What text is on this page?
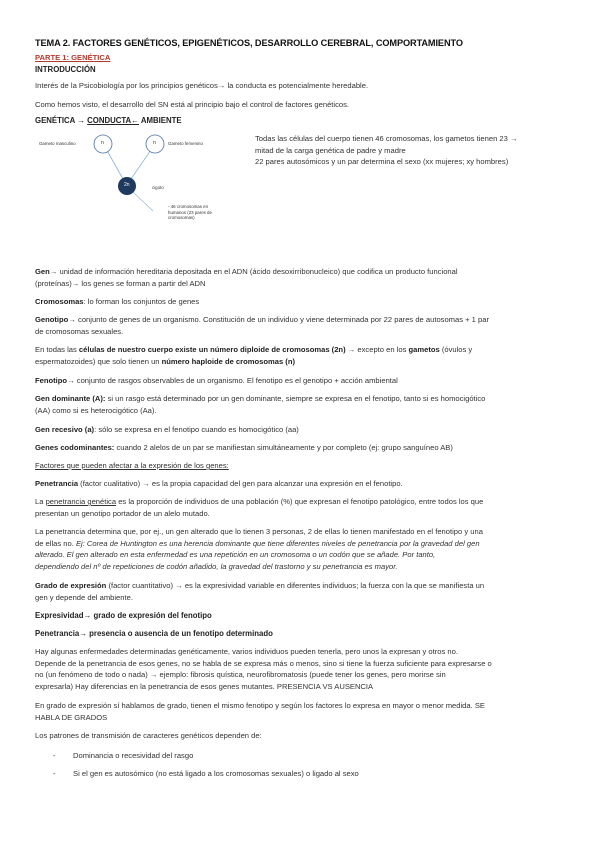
TEMA 2. FACTORES GENÉTICOS, EPIGENÉTICOS, DESARROLLO CEREBRAL, COMPORTAMIENTO
PARTE 1: GENÉTICA
INTRODUCCIÓN
Interés de la Psicobiología por los principios genéticos→ la conducta es potencialmente heredable.
Como hemos visto, el desarrollo del SN está al principio bajo el control de factores genéticos.
GENÉTICA → CONDUCTA← AMBIENTE
Gameto masculino	n	n	Gameto femenino
2n	cigoto
- 46 cromosomas en
humanos (23 pares de
cromosomas)
Todas las células del cuerpo tienen 46 cromosomas, los gametos tienen 23 →
mitad de la carga genética de padre y madre
22 pares autosómicos y un par determina el sexo (xx mujeres; xy hombres)
Gen→ unidad de información hereditaria depositada en el ADN (ácido desoxirribonucleico) que codifica un producto funcional
(proteínas)→ los genes se forman a partir del ADN
Cromosomas: lo forman los conjuntos de genes
Genotipo→ conjunto de genes de un organismo. Constitución de un individuo y viene determinada por 22 pares de autosomas + 1 par
de cromosomas sexuales.
En todas las células de nuestro cuerpo existe un número diploide de cromosomas (2n) → excepto en los gametos (óvulos y
espermatozoides) que solo tienen un número haploide de cromosomas (n)
Fenotipo→ conjunto de rasgos observables de un organismo. El fenotipo es el genotipo + acción ambiental
Gen dominante (A): si un rasgo está determinado por un gen dominante, siempre se expresa en el fenotipo, tanto si es homocigótico
(AA) como si es heterocigótico (Aa).
Gen recesivo (a): sólo se expresa en el fenotipo cuando es homocigótico (aa)
Genes codominantes: cuando 2 alelos de un par se manifiestan simultáneamente y por completo (ej: grupo sanguíneo AB)
Factores que pueden afectar a la expresión de los genes:
Penetrancia (factor cualitativo) → es la propia capacidad del gen para alcanzar una expresión en el fenotipo.
La penetrancia genética es la proporción de individuos de una población (%) que expresan el fenotipo patológico, entre todos los que
presentan un genotipo portador de un alelo mutado.
La penetrancia determina que, por ej., un gen alterado que lo tienen 3 personas, 2 de ellas lo tienen manifestado en el fenotipo y una
de ellas no. Ej: Corea de Huntington es una herencia dominante que tiene diferentes niveles de penetrancia por la gravedad del gen
alterado. El gen alterado en esta enfermedad es una repetición en un cromosoma o un codón que se añade. Por tanto,
dependiendo del nº de repeticiones de codón añadido, la gravedad del trastorno y su penetrancia es mayor.
Grado de expresión (factor cuantitativo) → es la expresividad variable en diferentes individuos; la fuerza con la que se manifiesta un
gen y depende del ambiente.
Expresividad→ grado de expresión del fenotipo
Penetrancia→ presencia o ausencia de un fenotipo determinado
Hay algunas enfermedades determinadas genéticamente, varios individuos pueden tenerla, pero unos la expresan y otros no.
Depende de la penetrancia de esos genes, no se habla de se expresa más o menos, sino si tiene la fuerza suficiente para expresarse o
no (un fenómeno de todo o nada) → ejemplo: fibrosis quística, neurofibromatosis (puede tener los genes, pero morirse sin
expresarla) Hay diferencias en la penetrancia de esos genes mutantes. PRESENCIA VS AUSENCIA
En grado de expresión sí hablamos de grado, tienen el mismo fenotipo y según los factores lo expresa en mayor o menor medida. SE
HABLA DE GRADOS
Los patrones de transmisión de caracteres genéticos dependen de:
- Dominancia o recesividad del rasgo
- Si el gen es autosómico (no está ligado a los cromosomas sexuales) o ligado al sexo
